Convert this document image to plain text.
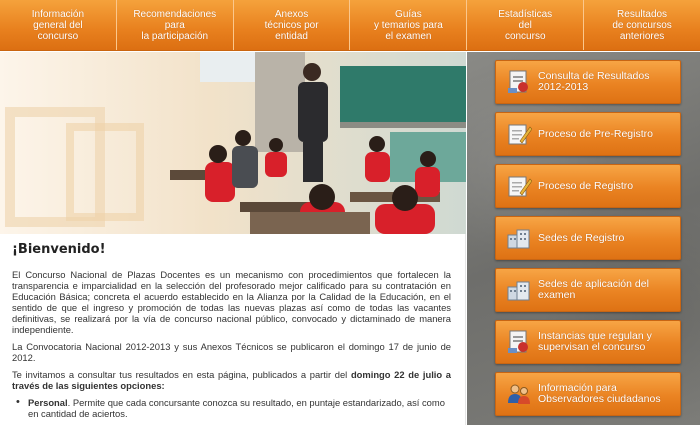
Información
general del
concurso
Recomendaciones
para
la participación
Anexos
técnicos por
entidad
Guías
y temarios para
el examen
Estadísticas
del
concurso
Resultados
de concursos
anteriores
¡Bienvenido!

El Concurso Nacional de Plazas Docentes es un mecanismo con procedimientos que fortalecen la transparencia e imparcialidad en la selección del profesorado mejor calificado para su contratación en Educación Básica; concreta el acuerdo establecido en la Alianza por la Calidad de la Educación, en el sentido de que el ingreso y promoción de todas las nuevas plazas así como de todas las vacantes definitivas, se realizará por la vía de concurso nacional público, convocado y dictaminado de manera independiente.

La Convocatoria Nacional 2012-2013 y sus Anexos Técnicos se publicaron el domingo 17 de junio de 2012.

Te invitamos a consultar tus resultados en esta página, publicados a partir del domingo 22 de julio a través de las siguientes opciones:

• Personal. Permite que cada concursante conozca su resultado, en puntaje estandarizado, así como en cantidad de aciertos.
Consulta de Resultados
2012-2013
Proceso de Pre-Registro
Proceso de Registro
Sedes de Registro
Sedes de aplicación del
examen
Instancias que regulan y
supervisan el concurso
Información para
Observadores ciudadanos
